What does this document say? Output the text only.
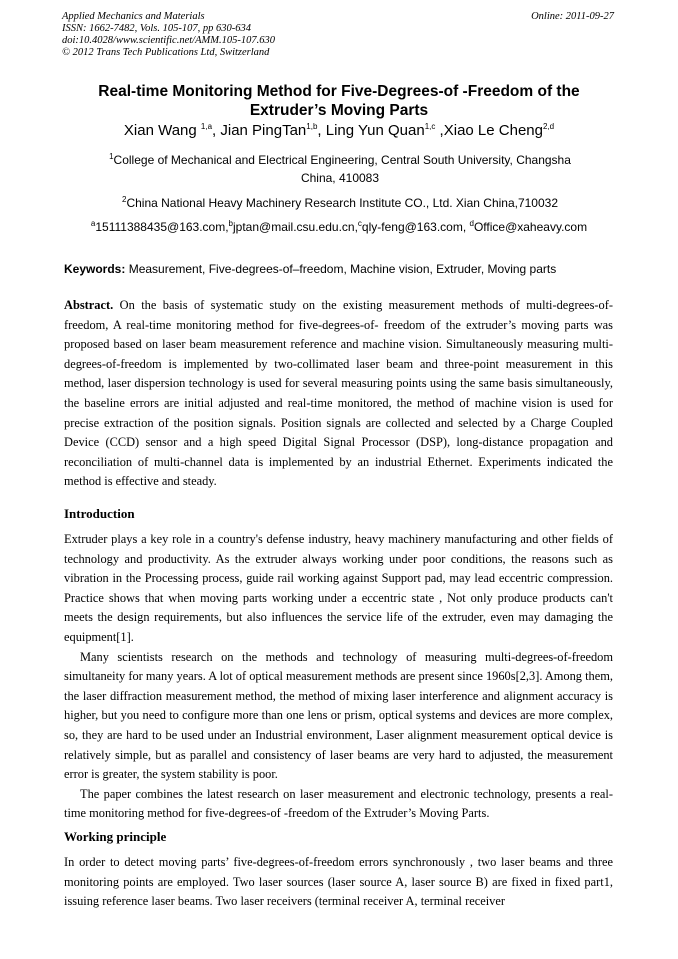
Applied Mechanics and Materials
ISSN: 1662-7482, Vols. 105-107, pp 630-634
doi:10.4028/www.scientific.net/AMM.105-107.630
© 2012 Trans Tech Publications Ltd, Switzerland
Online: 2011-09-27
Real-time Monitoring Method for Five-Degrees-of -Freedom of the
Extruder’s Moving Parts
Xian Wang $^{1,a}$, Jian PingTan$^{1,b}$, Ling Yun Quan$^{1,c}$ ,Xiao Le Cheng$^{2,d}$
$^1$College of Mechanical and Electrical Engineering, Central South University, Changsha
China, 410083
$^2$China National Heavy Machinery Research Institute CO., Ltd. Xian China,710032
$^a$15111388435@163.com,$^b$jptan@mail.csu.edu.cn,$^c$qly-feng@163.com, $^d$Office@xaheavy.com
Keywords: Measurement, Five-degrees-of–freedom, Machine vision, Extruder, Moving parts
Abstract. On the basis of systematic study on the existing measurement methods of multi-degrees-of-freedom, A real-time monitoring method for five-degrees-of- freedom of the extruder’s moving parts was proposed based on laser beam measurement reference and machine vision. Simultaneously measuring multi-degrees-of-freedom is implemented by two-collimated laser beam and three-point measurement in this method, laser dispersion technology is used for several measuring points using the same basis simultaneously, the baseline errors are initial adjusted and real-time monitored, the method of machine vision is used for precise extraction of the position signals. Position signals are collected and selected by a Charge Coupled Device (CCD) sensor and a high speed Digital Signal Processor (DSP), long-distance propagation and reconciliation of multi-channel data is implemented by an industrial Ethernet. Experiments indicated the method is effective and steady.
Introduction
Extruder plays a key role in a country's defense industry, heavy machinery manufacturing and other fields of technology and productivity. As the extruder always working under poor conditions, the reasons such as vibration in the Processing process, guide rail working against Support pad, may lead eccentric compression. Practice shows that when moving parts working under a eccentric state , Not only produce products can't meets the design requirements, but also influences the service life of the extruder, even may damaging the equipment[1].
Many scientists research on the methods and technology of measuring multi-degrees-of-freedom simultaneity for many years. A lot of optical measurement methods are present since 1960s[2,3]. Among them, the laser diffraction measurement method, the method of mixing laser interference and alignment accuracy is higher, but you need to configure more than one lens or prism, optical systems and devices are more complex, so, they are hard to be used under an Industrial environment, Laser alignment measurement optical device is relatively simple, but as parallel and consistency of laser beams are very hard to adjusted, the measurement error is greater, the system stability is poor.
The paper combines the latest research on laser measurement and electronic technology, presents a real-time monitoring method for five-degrees-of -freedom of the Extruder’s Moving Parts.
Working principle
In order to detect moving parts’ five-degrees-of-freedom errors synchronously , two laser beams and three monitoring points are employed. Two laser sources (laser source A, laser source B) are fixed in fixed part1, issuing reference laser beams. Two laser receivers (terminal receiver A, terminal receiver
